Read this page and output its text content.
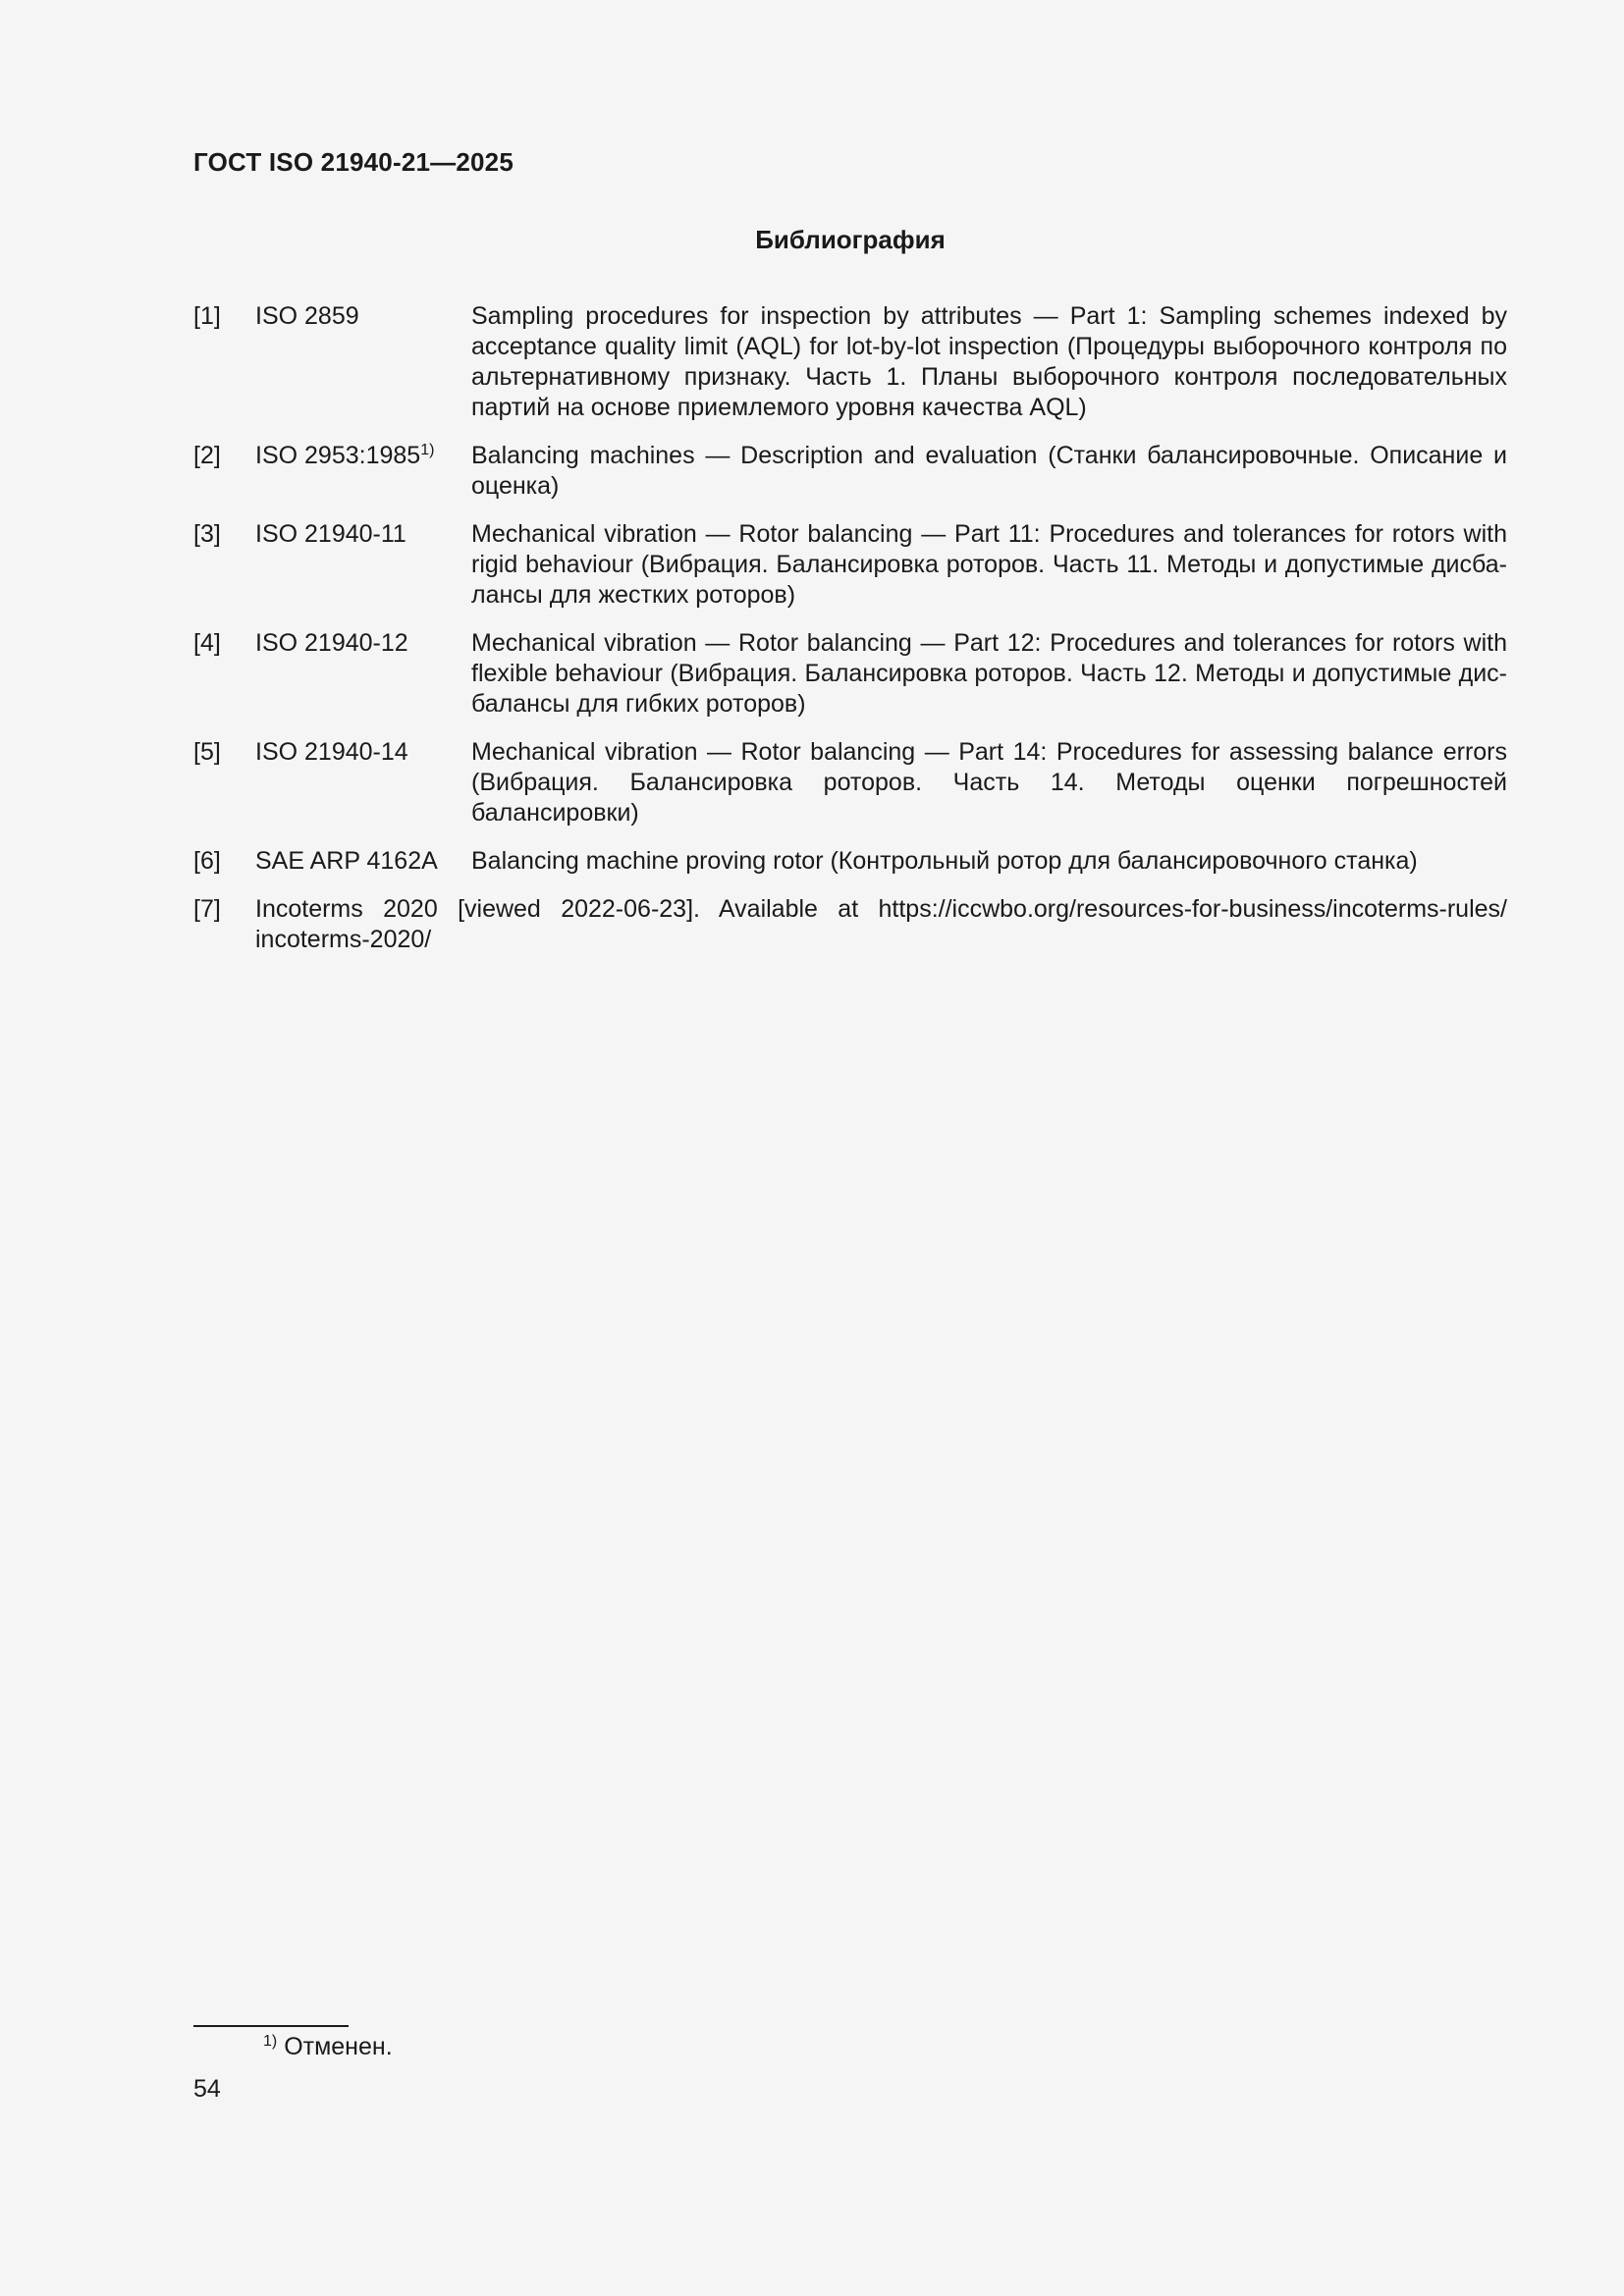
ГОСТ ISO 21940-21—2025
Библиография
[1]	ISO 2859	Sampling procedures for inspection by attributes — Part 1: Sampling schemes indexed by acceptance quality limit (AQL) for lot-by-lot inspection (Процедуры выборочного контроля по альтернативному признаку. Часть 1. Планы выборочного контроля последовательных партий на основе приемлемого уровня качества AQL)
[2]	ISO 2953:1985$^{1)}$	Balancing machines — Description and evaluation (Станки балансировочные. Описание и оценка)
[3]	ISO 21940-11	Mechanical vibration — Rotor balancing — Part 11: Procedures and tolerances for rotors with rigid behaviour (Вибрация. Балансировка роторов. Часть 11. Методы и допустимые дисбалансы для жестких роторов)
[4]	ISO 21940-12	Mechanical vibration — Rotor balancing — Part 12: Procedures and tolerances for rotors with flexible behaviour (Вибрация. Балансировка роторов. Часть 12. Методы и допустимые дисбалансы для гибких роторов)
[5]	ISO 21940-14	Mechanical vibration — Rotor balancing — Part 14: Procedures for assessing balance errors (Вибрация. Балансировка роторов. Часть 14. Методы оценки погрешностей балансировки)
[6]	SAE ARP 4162A	Balancing machine proving rotor (Контрольный ротор для балансировочного станка)
[7]	Incoterms 2020 [viewed 2022-06-23]. Available at https://iccwbo.org/resources-for-business/incoterms-rules/
incoterms-2020/
$^{1)}$ Отменен.
54
